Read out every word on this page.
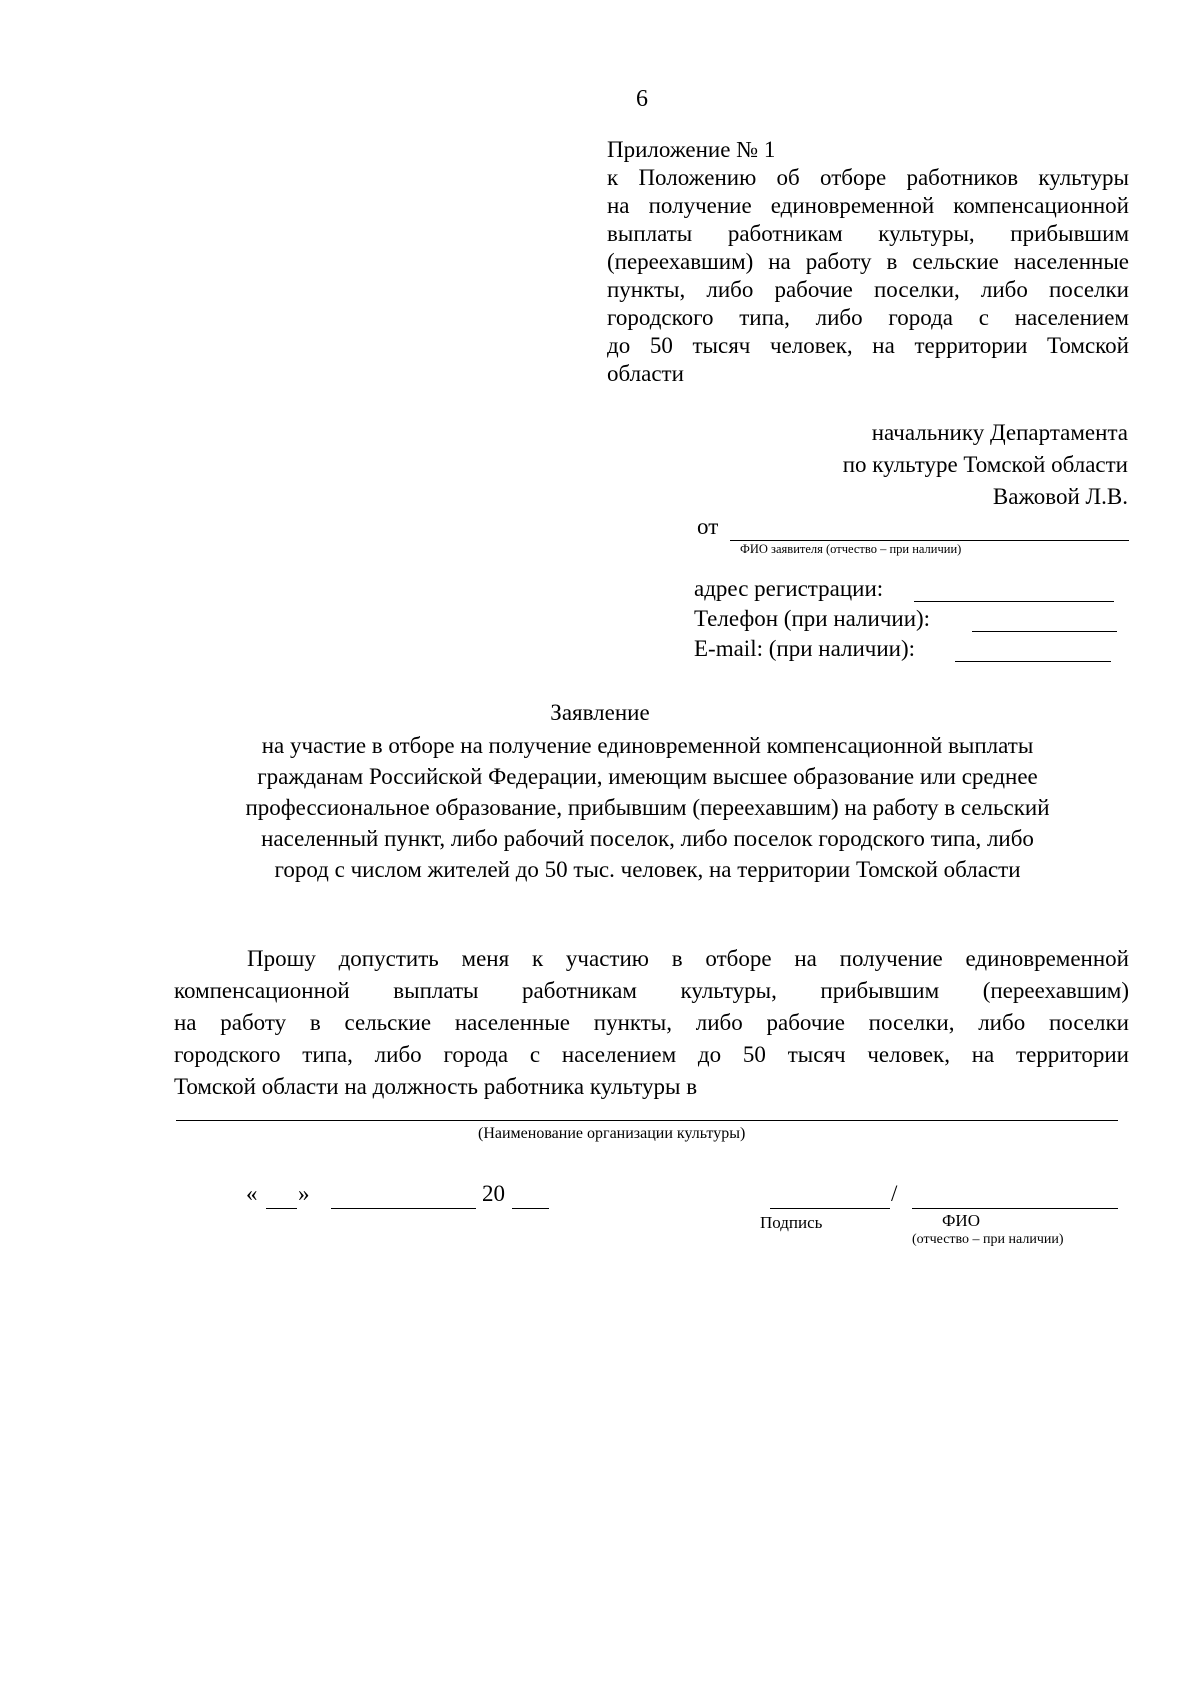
6
Приложение № 1
к Положению об отборе работников культуры
на получение единовременной компенсационной
выплаты работникам культуры, прибывшим
(переехавшим) на работу в сельские населенные
пункты, либо рабочие поселки, либо поселки
городского типа, либо города с населением
до 50 тысяч человек, на территории Томской
области
начальнику Департамента
по культуре Томской области
Важовой Л.В.
от
ФИО заявителя (отчество – при наличии)
адрес регистрации:
Телефон (при наличии):
E-mail: (при наличии):
Заявление
на участие в отборе на получение единовременной компенсационной выплаты
гражданам Российской Федерации, имеющим высшее образование или среднее
профессиональное образование, прибывшим (переехавшим) на работу в сельский
населенный пункт, либо рабочий поселок, либо поселок городского типа, либо
город с числом жителей до 50 тыс. человек, на территории Томской области
Прошу допустить меня к участию в отборе на получение единовременной
компенсационной выплаты работникам культуры, прибывшим (переехавшим)
на работу в сельские населенные пункты, либо рабочие поселки, либо поселки
городского типа, либо города с населением до 50 тысяч человек, на территории
Томской области на должность работника культуры в
(Наименование организации культуры)
« »	20	/
Подпись	ФИО
(отчество – при наличии)
